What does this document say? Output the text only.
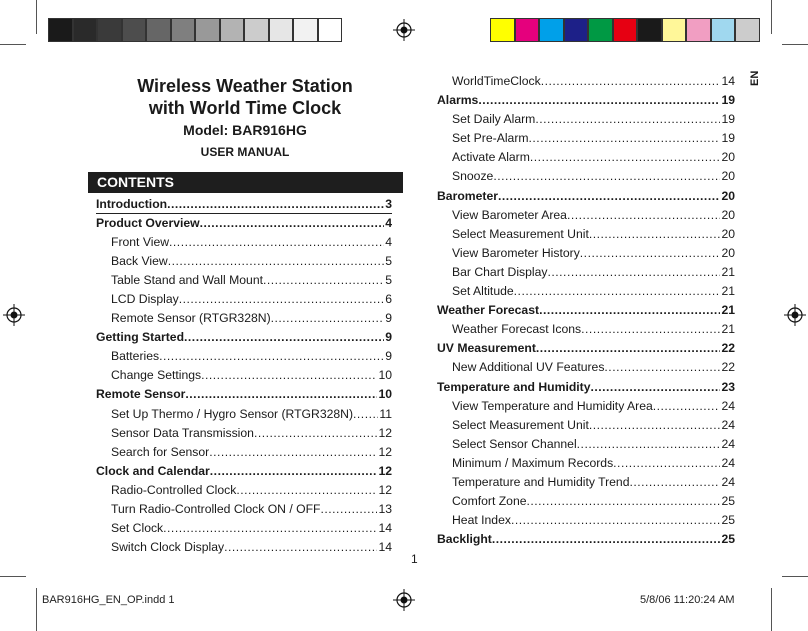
EN
Wireless Weather Station
with World Time Clock
Model: BAR916HG
USER MANUAL
CONTENTS
Introduction .....	3
Product Overview .....	4
Front View .....	4
Back View .....	5
Table Stand and Wall Mount .....	5
LCD Display .....	6
Remote Sensor (RTGR328N) .....	9
Getting Started .....	9
Batteries .....	9
Change Settings .....	10
Remote Sensor .....	10
Set Up Thermo / Hygro Sensor (RTGR328N) ..... 11
Sensor Data Transmission .....	12
Search for Sensor .....	12
Clock and Calendar .....	12
Radio-Controlled Clock .....	12
Turn Radio-Controlled Clock ON / OFF .....	13
Set Clock .....	14
Switch Clock Display .....	14
WorldTimeClock .....	14
Alarms .....	19
Set Daily Alarm .....	19
Set Pre-Alarm .....	19
Activate Alarm .....	20
Snooze .....	20
Barometer .....	20
View Barometer Area .....	20
Select Measurement Unit .....	20
View Barometer History .....	20
Bar Chart Display .....	21
Set Altitude .....	21
Weather Forecast .....	21
Weather Forecast Icons .....	21
UV Measurement .....	22
New Additional UV Features .....	22
Temperature and Humidity .....	23
View Temperature and Humidity Area .....	24
Select Measurement Unit .....	24
Select Sensor Channel .....	24
Minimum / Maximum Records .....	24
Temperature and Humidity Trend .....	24
Comfort Zone .....	25
Heat Index .....	25
Backlight .....	25
1
BAR916HG_EN_OP.indd 1	5/8/06 11:20:24 AM
